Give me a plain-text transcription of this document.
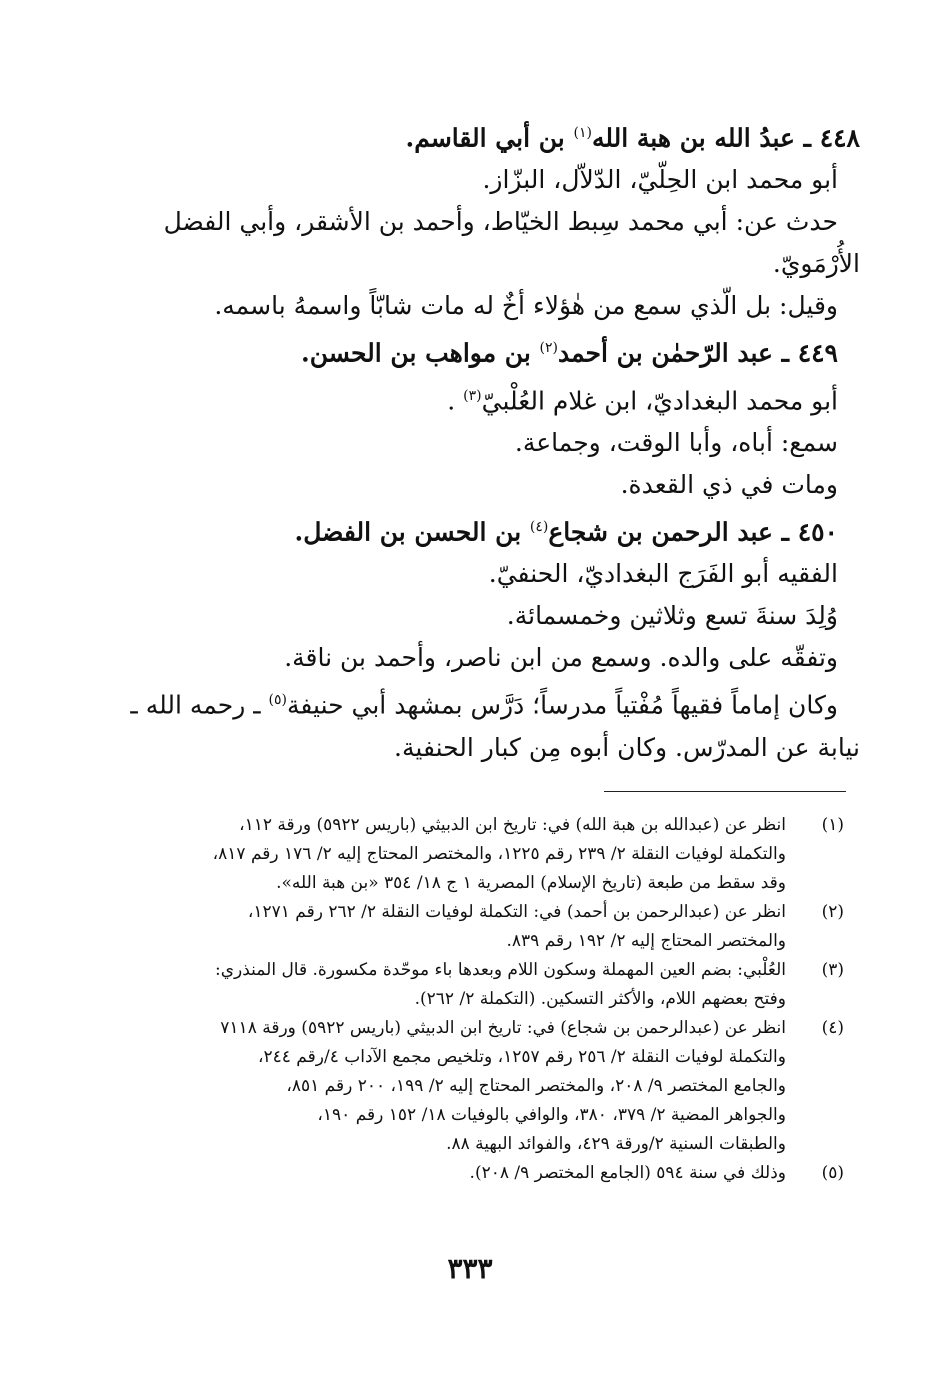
٤٤٨ ـ عبدُ الله بن هبة الله$^{(١)}$ بن أبي القاسم.
أبو محمد ابن الحِلّيّ، الدّلاّل، البزّاز.
حدث عن: أبي محمد سِبط الخيّاط، وأحمد بن الأشقر، وأبي الفضل
الأُرْمَويّ.
وقيل: بل الّذي سمع من هٰؤلاء أخٌ له مات شابّاً واسمهُ باسمه.
٤٤٩ ـ عبد الرّحمٰن بن أحمد$^{(٢)}$ بن مواهب بن الحسن.
أبو محمد البغداديّ، ابن غلام العُلْبيّ$^{(٣)}$ .
سمع: أباه، وأبا الوقت، وجماعة.
ومات في ذي القعدة.
٤٥٠ ـ عبد الرحمن بن شجاع$^{(٤)}$ بن الحسن بن الفضل.
الفقيه أبو الفَرَج البغداديّ، الحنفيّ.
وُلِدَ سنةَ تسع وثلاثين وخمسمائة.
وتفقّه على والده. وسمع من ابن ناصر، وأحمد بن ناقة.
وكان إماماً فقيهاً مُفْتياً مدرساً؛ دَرَّس بمشهد أبي حنيفة$^{(٥)}$ ـ رحمه الله ـ
نيابة عن المدرّس. وكان أبوه مِن كبار الحنفية.
(١)
انظر عن (عبدالله بن هبة الله) في: تاريخ ابن الدبيثي (باريس ٥٩٢٢) ورقة ١١٢،
والتكملة لوفيات النقلة ٢/ ٢٣٩ رقم ١٢٢٥، والمختصر المحتاج إليه ٢/ ١٧٦ رقم ٨١٧،
وقد سقط من طبعة (تاريخ الإسلام) المصرية ١ ج ١٨/ ٣٥٤ «بن هبة الله».
(٢)
انظر عن (عبدالرحمن بن أحمد) في: التكملة لوفيات النقلة ٢/ ٢٦٢ رقم ١٢٧١،
والمختصر المحتاج إليه ٢/ ١٩٢ رقم ٨٣٩.
(٣)
العُلْبي: بضم العين المهملة وسكون اللام وبعدها باء موحّدة مكسورة. قال المنذري:
وفتح بعضهم اللام، والأكثر التسكين. (التكملة ٢/ ٢٦٢).
(٤)
انظر عن (عبدالرحمن بن شجاع) في: تاريخ ابن الدبيثي (باريس ٥٩٢٢) ورقة ٧١١٨
والتكملة لوفيات النقلة ٢/ ٢٥٦ رقم ١٢٥٧، وتلخيص مجمع الآداب ٤/رقم ٢٤٤،
والجامع المختصر ٩/ ٢٠٨، والمختصر المحتاج إليه ٢/ ١٩٩، ٢٠٠ رقم ٨٥١،
والجواهر المضية ٢/ ٣٧٩، ٣٨٠، والوافي بالوفيات ١٨/ ١٥٢ رقم ١٩٠،
والطبقات السنية ٢/ورقة ٤٢٩، والفوائد البهية ٨٨.
(٥)
وذلك في سنة ٥٩٤ (الجامع المختصر ٩/ ٢٠٨).
٣٣٣
